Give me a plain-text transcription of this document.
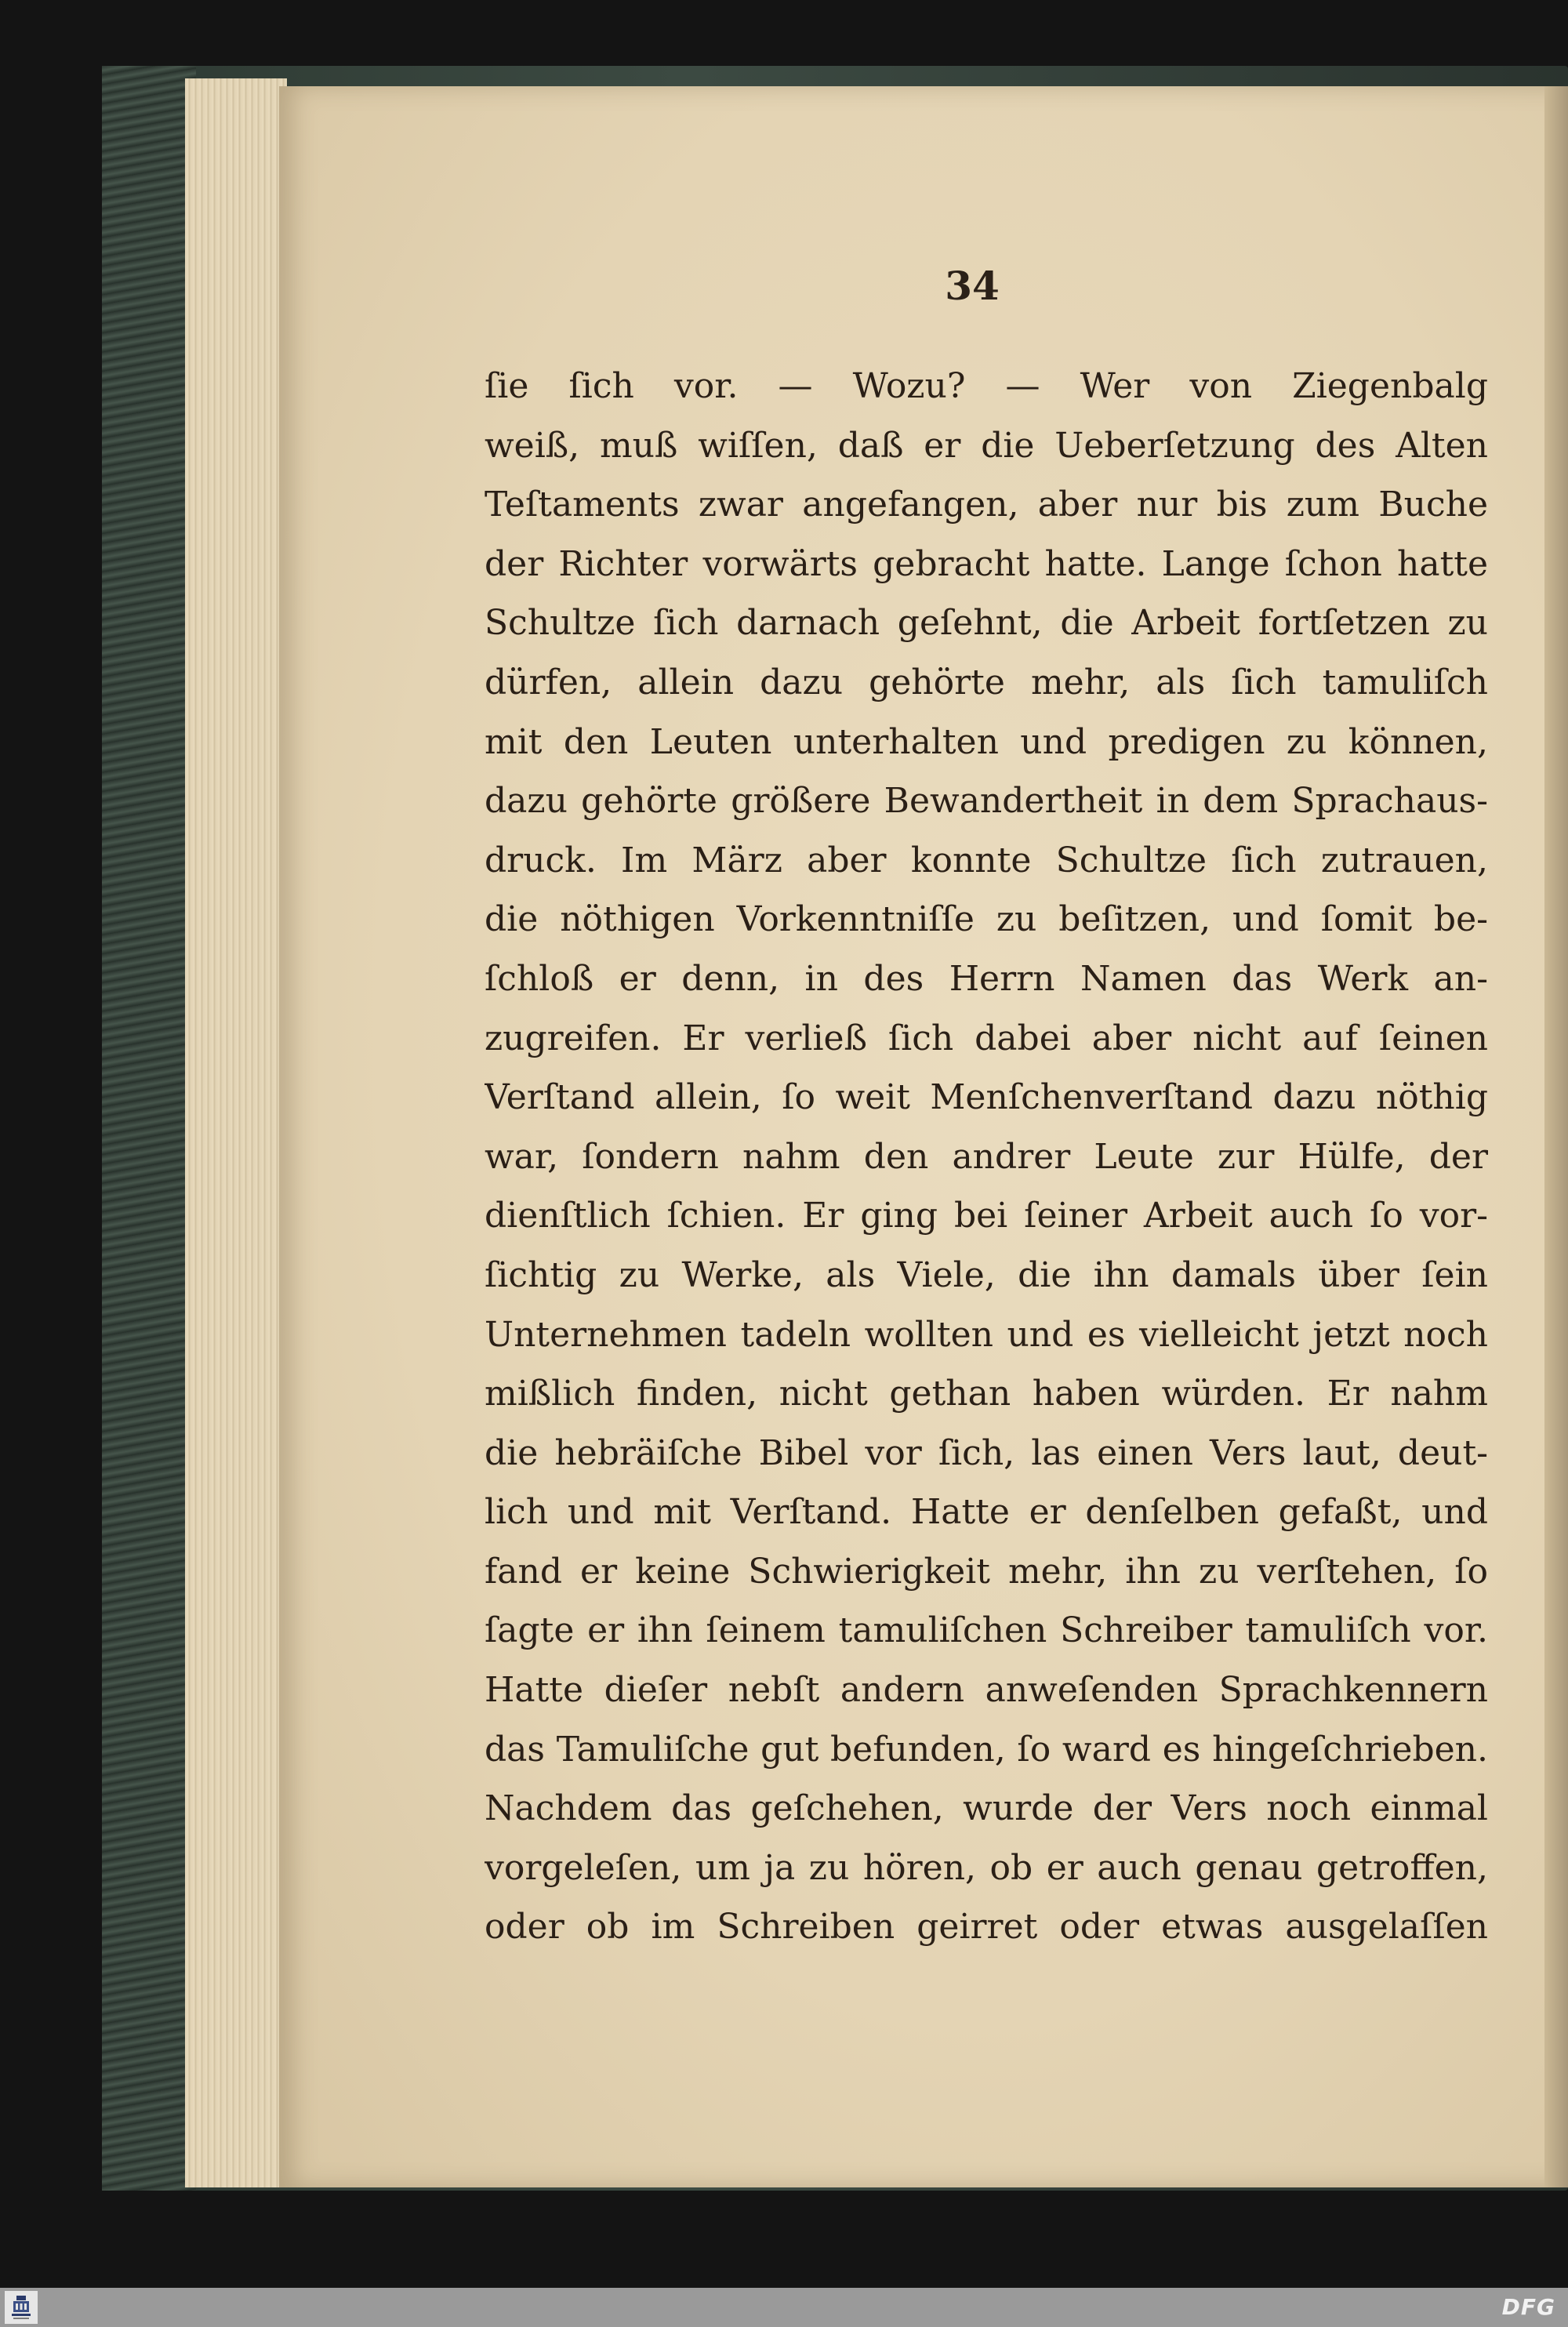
34
ſie ſich vor. — Wozu? — Wer von Ziegenbalg
weiß, muß wiſſen, daß er die Ueberſetzung des Alten
Teſtaments zwar angefangen, aber nur bis zum Buche
der Richter vorwärts gebracht hatte. Lange ſchon hatte
Schultze ſich darnach geſehnt, die Arbeit fortſetzen zu
dürfen, allein dazu gehörte mehr, als ſich tamuliſch
mit den Leuten unterhalten und predigen zu können,
dazu gehörte größere Bewandertheit in dem Sprachaus-
druck. Im März aber konnte Schultze ſich zutrauen,
die nöthigen Vorkenntniſſe zu beſitzen, und ſomit be-
ſchloß er denn, in des Herrn Namen das Werk an-
zugreifen. Er verließ ſich dabei aber nicht auf ſeinen
Verſtand allein, ſo weit Menſchenverſtand dazu nöthig
war, ſondern nahm den andrer Leute zur Hülfe, der
dienſtlich ſchien. Er ging bei ſeiner Arbeit auch ſo vor-
ſichtig zu Werke, als Viele, die ihn damals über ſein
Unternehmen tadeln wollten und es vielleicht jetzt noch
mißlich finden, nicht gethan haben würden. Er nahm
die hebräiſche Bibel vor ſich, las einen Vers laut, deut-
lich und mit Verſtand. Hatte er denſelben gefaßt, und
fand er keine Schwierigkeit mehr, ihn zu verſtehen, ſo
ſagte er ihn ſeinem tamuliſchen Schreiber tamuliſch vor.
Hatte dieſer nebſt andern anweſenden Sprachkennern
das Tamuliſche gut befunden, ſo ward es hingeſchrieben.
Nachdem das geſchehen, wurde der Vers noch einmal
vorgeleſen, um ja zu hören, ob er auch genau getroffen,
oder ob im Schreiben geirret oder etwas ausgelaſſen
DFG
